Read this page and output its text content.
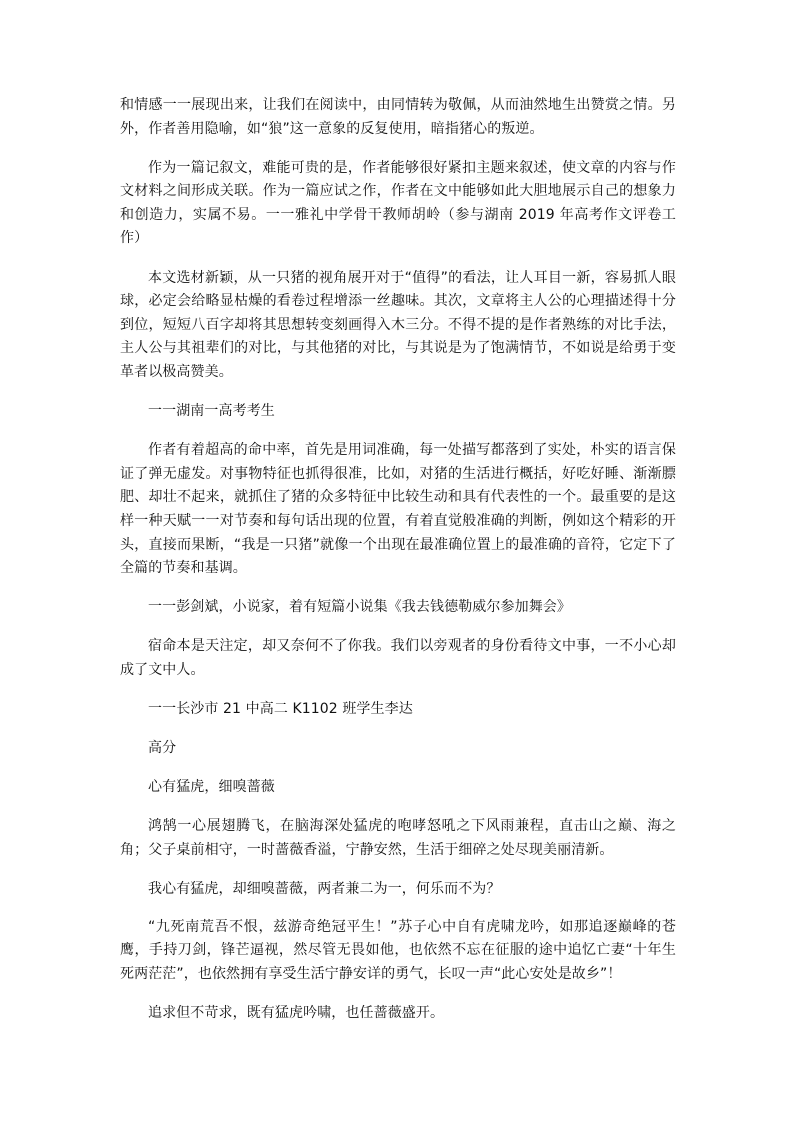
和情感一一展现出来，让我们在阅读中，由同情转为敬佩，从而油然地生出赞赏之情。另外，作者善用隐喻，如“狼”这一意象的反复使用，暗指猪心的叛逆。

作为一篇记叙文，难能可贵的是，作者能够很好紧扣主题来叙述，使文章的内容与作文材料之间形成关联。作为一篇应试之作，作者在文中能够如此大胆地展示自己的想象力和创造力，实属不易。一一雅礼中学骨干教师胡岭（参与湖南 2019 年高考作文评卷工作）

本文选材新颖，从一只猪的视角展开对于“值得”的看法，让人耳目一新，容易抓人眼球，必定会给略显枯燥的看卷过程增添一丝趣味。其次，文章将主人公的心理描述得十分到位，短短八百字却将其思想转变刻画得入木三分。不得不提的是作者熟练的对比手法，主人公与其祖辈们的对比，与其他猪的对比，与其说是为了饱满情节，不如说是给勇于变革者以极高赞美。

一一湖南一高考考生

作者有着超高的命中率，首先是用词准确，每一处描写都落到了实处，朴实的语言保证了弹无虚发。对事物特征也抓得很准，比如，对猪的生活进行概括，好吃好睡、渐渐膘肥、却壮不起来，就抓住了猪的众多特征中比较生动和具有代表性的一个。最重要的是这样一种天赋一一对节奏和每句话出现的位置，有着直觉般准确的判断，例如这个精彩的开头，直接而果断，“我是一只猪”就像一个出现在最准确位置上的最准确的音符，它定下了全篇的节奏和基调。

一一彭剑斌，小说家，着有短篇小说集《我去钱德勒威尔参加舞会》

宿命本是天注定，却又奈何不了你我。我们以旁观者的身份看待文中事，一不小心却成了文中人。

一一长沙市 21 中高二 K1102 班学生李达

高分

心有猛虎，细嗅蔷薇

鸿鹄一心展翅腾飞，在脑海深处猛虎的咆哮怒吼之下风雨兼程，直击山之巅、海之角；父子桌前相守，一时蔷薇香溢，宁静安然，生活于细碎之处尽现美丽清新。

我心有猛虎，却细嗅蔷薇，两者兼二为一，何乐而不为？

“九死南荒吾不恨，兹游奇绝冠平生！”苏子心中自有虎啸龙吟，如那追逐巅峰的苍鹰，手持刀剑，锋芒逼视，然尽管无畏如他，也依然不忘在征服的途中追忆亡妻“十年生死两茫茫”，也依然拥有享受生活宁静安详的勇气，长叹一声“此心安处是故乡”！

追求但不苛求，既有猛虎吟啸，也任蔷薇盛开。
